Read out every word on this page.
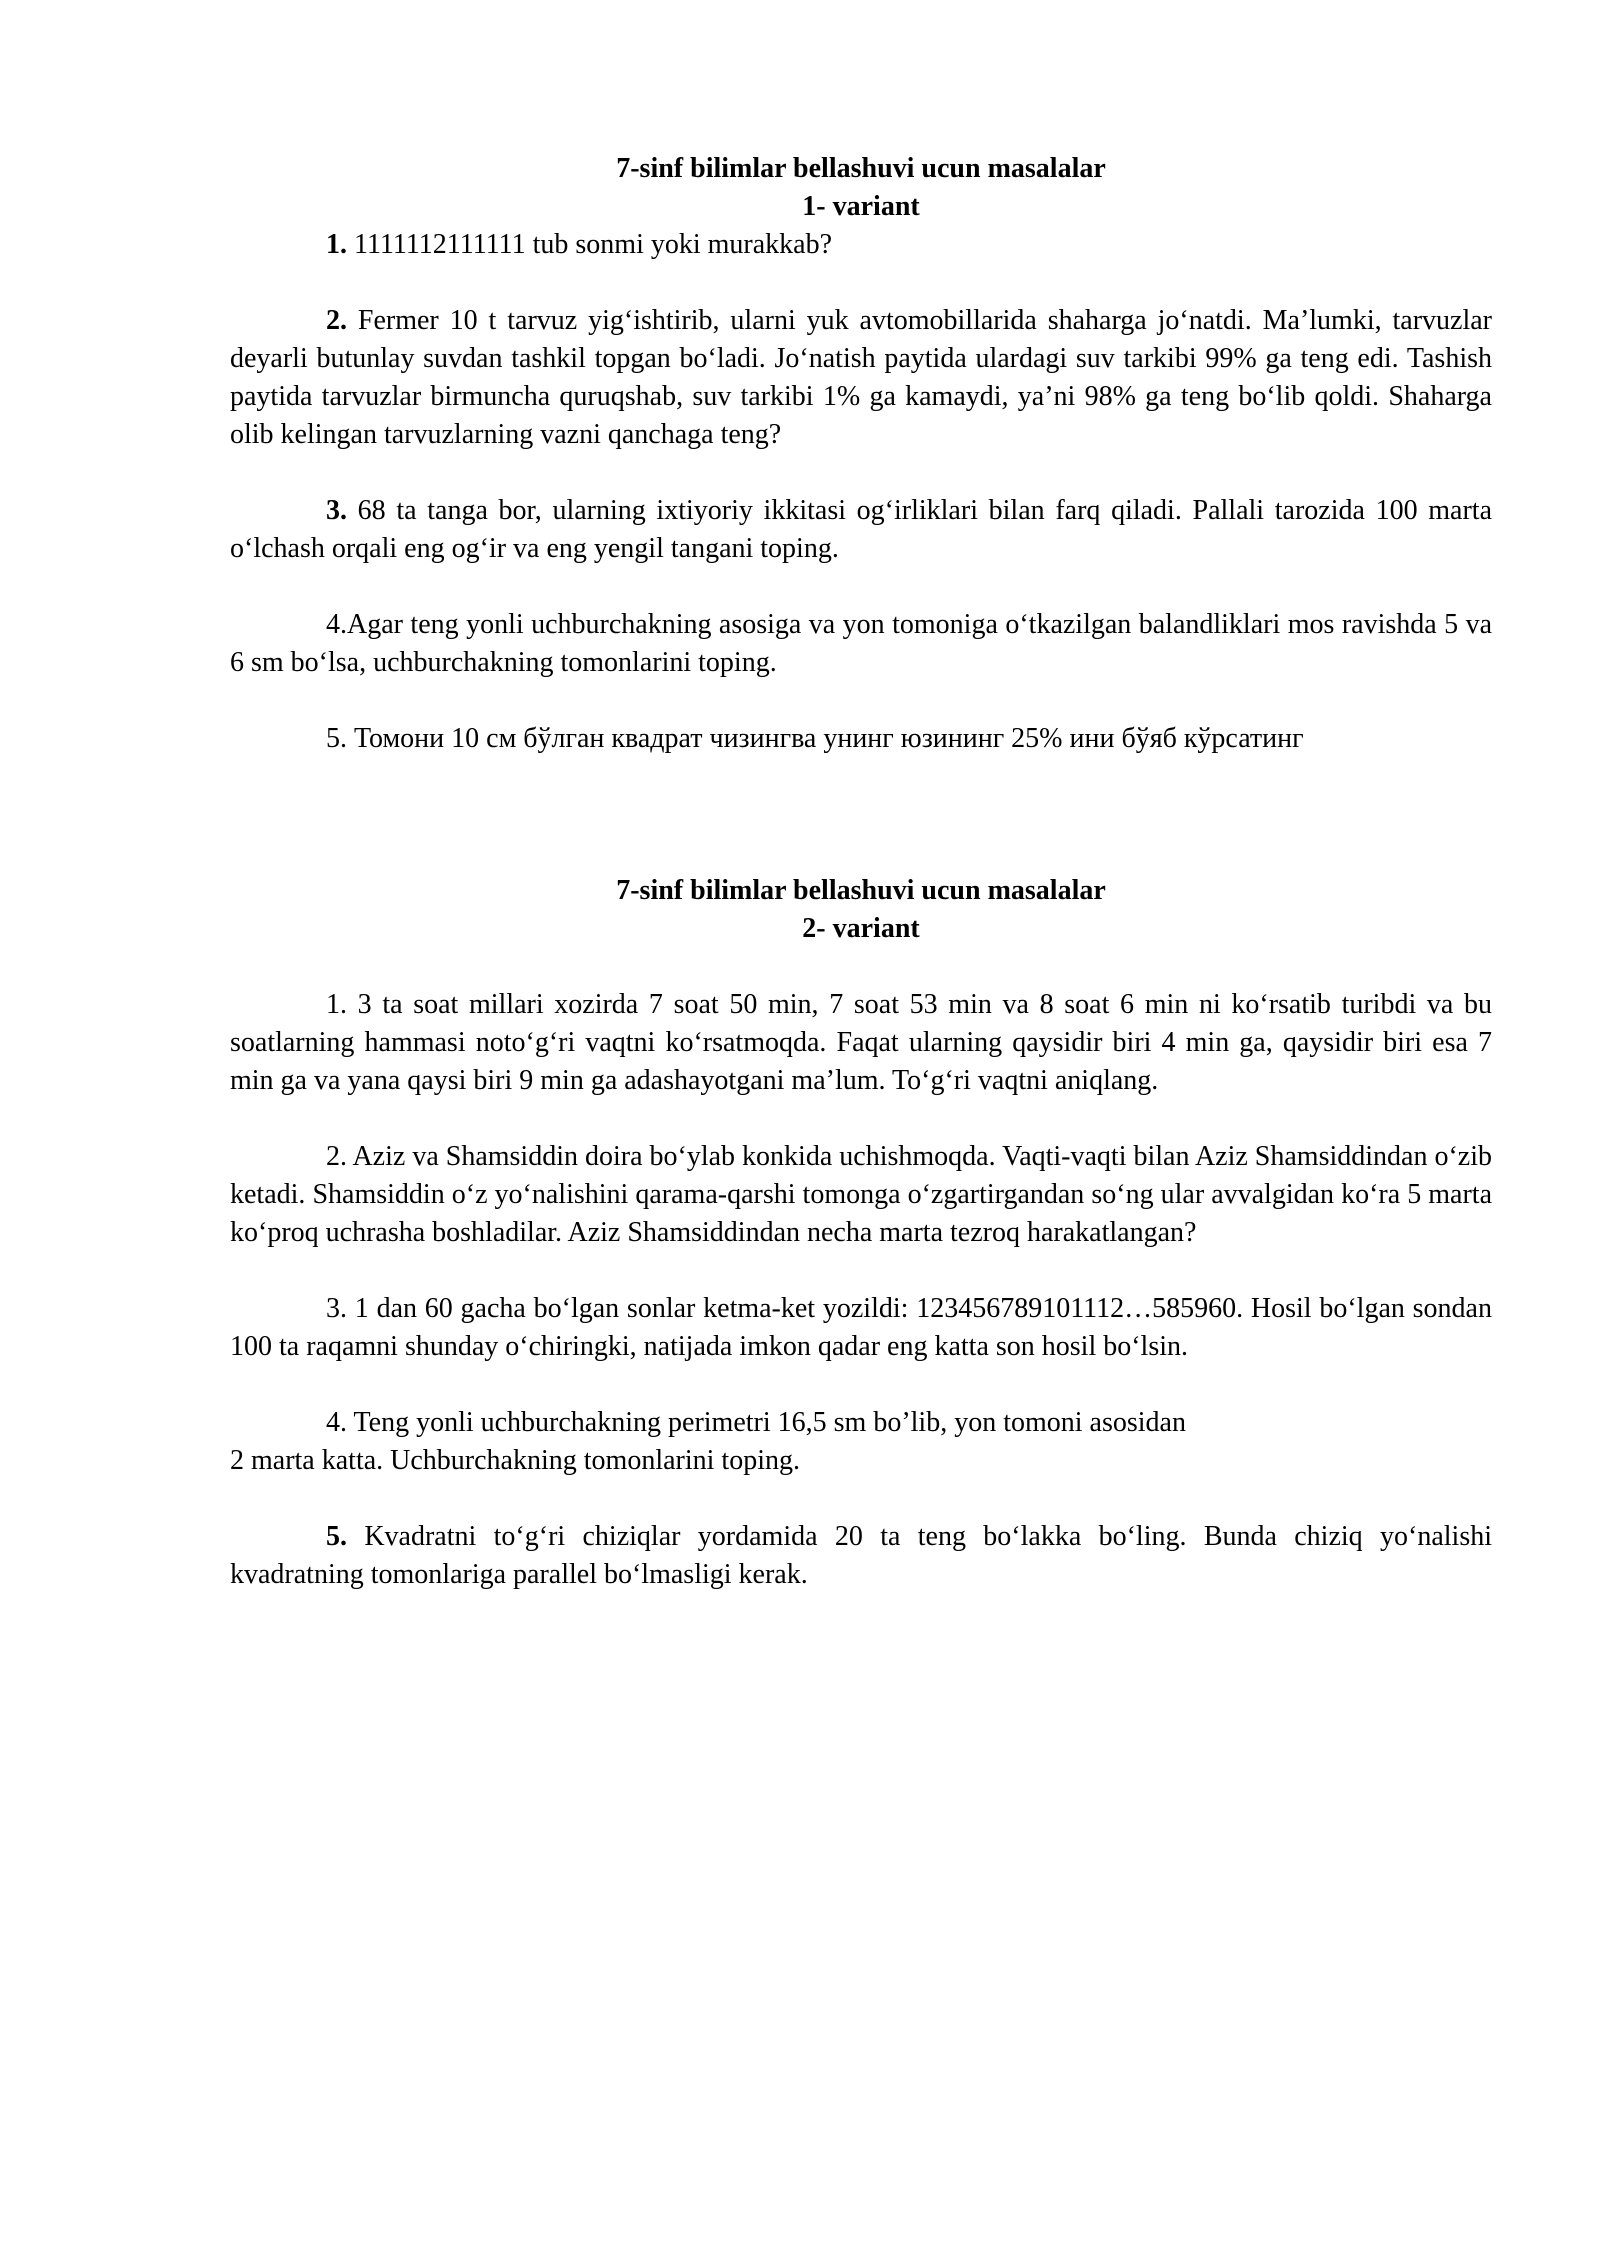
7-sinf bilimlar bellashuvi ucun masalalar

1- variant

1. 1111112111111 tub sonmi yoki murakkab?

2. Fermer 10 t tarvuz yig‘ishtirib, ularni yuk avtomobillarida shaharga jo‘natdi. Ma’lumki, tarvuzlar deyarli butunlay suvdan tashkil topgan bo‘ladi. Jo‘natish paytida ulardagi suv tarkibi 99% ga teng edi. Tashish paytida tarvuzlar birmuncha quruqshab, suv tarkibi 1% ga kamaydi, ya’ni 98% ga teng bo‘lib qoldi. Shaharga olib kelingan tarvuzlarning vazni qanchaga teng?

3. 68 ta tanga bor, ularning ixtiyoriy ikkitasi og‘irliklari bilan farq qiladi. Pallali tarozida 100 marta o‘lchash orqali eng og‘ir va eng yengil tangani toping.

4.Agar teng yonli uchburchakning asosiga va yon tomoniga o‘tkazilgan balandliklari mos ravishda 5 va 6 sm bo‘lsa, uchburchakning tomonlarini toping.

5. Томони 10 см бўлган квадрат чизингва унинг юзининг 25% ини бўяб кўрсатинг

7-sinf bilimlar bellashuvi ucun masalalar

2- variant

1. 3 ta soat millari xozirda 7 soat 50 min, 7 soat 53 min va 8 soat 6 min ni ko‘rsatib turibdi va bu soatlarning hammasi noto‘g‘ri vaqtni ko‘rsatmoqda. Faqat ularning qaysidir biri 4 min ga, qaysidir biri esa 7 min ga va yana qaysi biri 9 min ga adashayotgani ma’lum. To‘g‘ri vaqtni aniqlang.

2. Aziz va Shamsiddin doira bo‘ylab konkida uchishmoqda. Vaqti-vaqti bilan Aziz Shamsiddindan o‘zib ketadi. Shamsiddin o‘z yo‘nalishini qarama-qarshi tomonga o‘zgartirgandan so‘ng ular avvalgidan ko‘ra 5 marta ko‘proq uchrasha boshladilar. Aziz Shamsiddindan necha marta tezroq harakatlangan?

3. 1 dan 60 gacha bo‘lgan sonlar ketma-ket yozildi: 123456789101112…585960. Hosil bo‘lgan sondan 100 ta raqamni shunday o‘chiringki, natijada imkon qadar eng katta son hosil bo‘lsin.

4. Teng yonli uchburchakning perimetri 16,5 sm bo’lib, yon tomoni asosidan

2 marta katta. Uchburchakning tomonlarini toping.

5. Kvadratni to‘g‘ri chiziqlar yordamida 20 ta teng bo‘lakka bo‘ling. Bunda chiziq yo‘nalishi kvadratning tomonlariga parallel bo‘lmasligi kerak.
